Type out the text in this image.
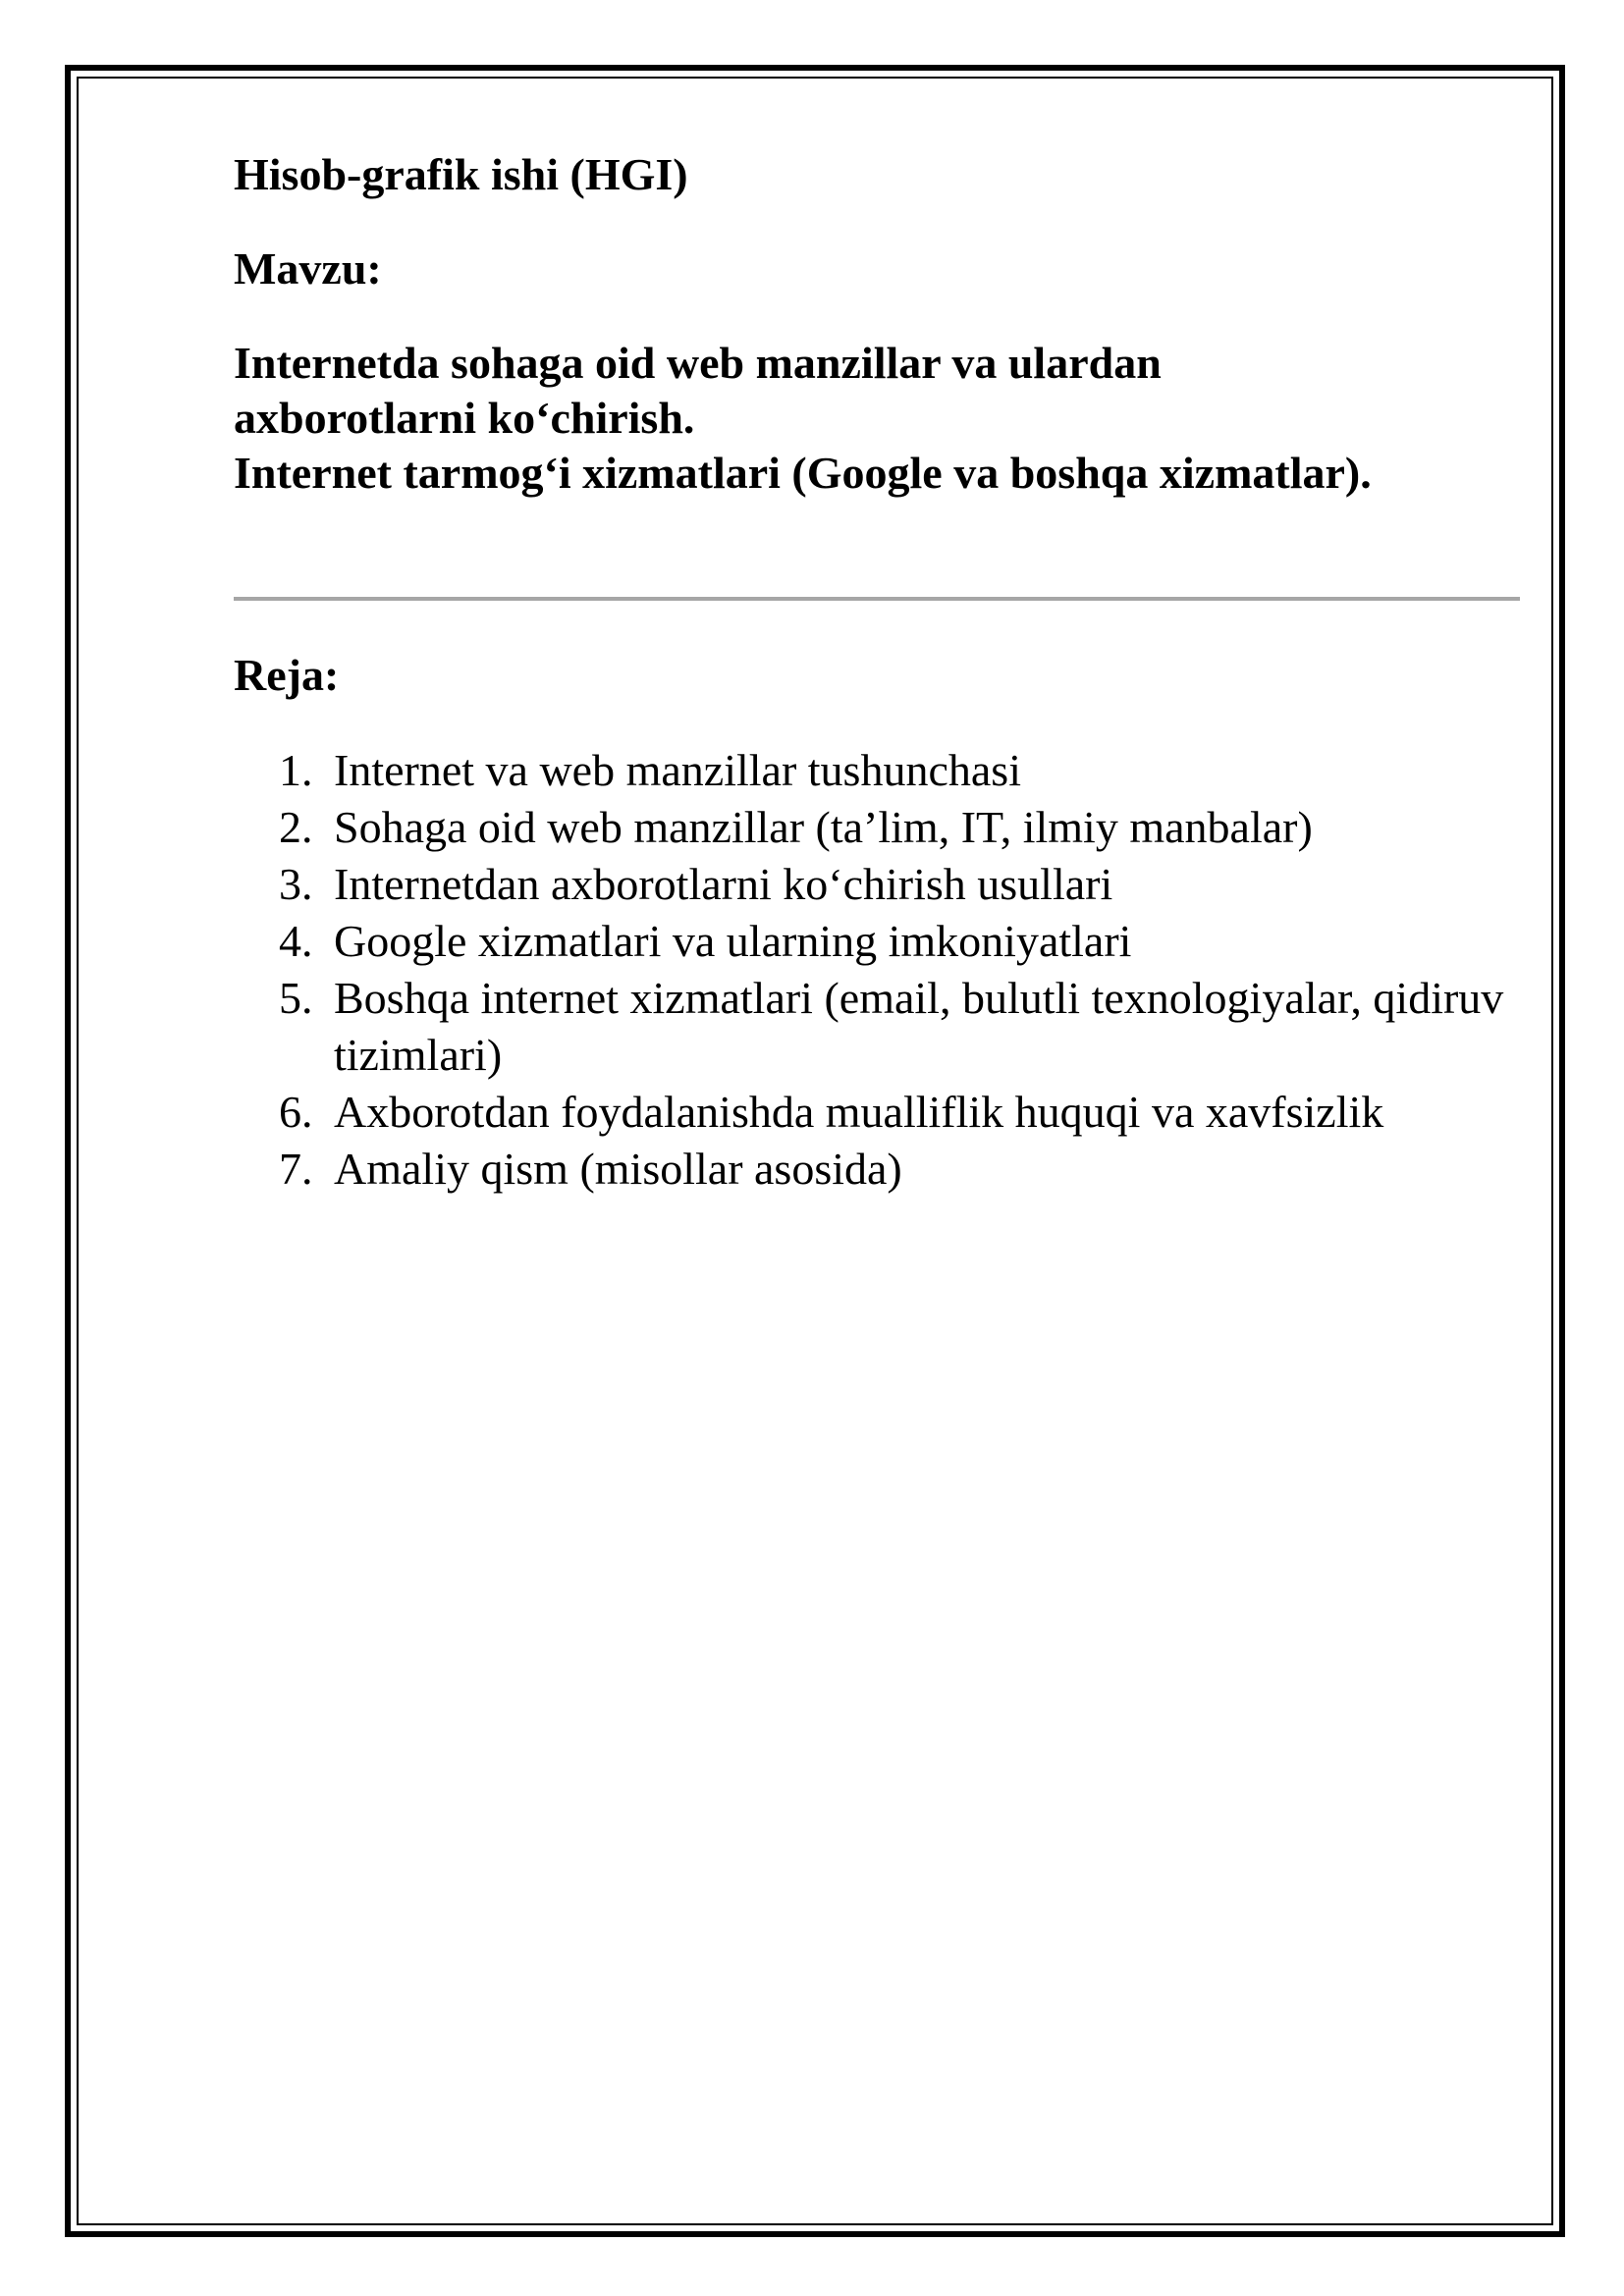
Hisob-grafik ishi (HGI)

Mavzu:

Internetda sohaga oid web manzillar va ulardan
axborotlarni ko‘chirish.
Internet tarmog‘i xizmatlari (Google va boshqa xizmatlar).

Reja:

1. Internet va web manzillar tushunchasi
2. Sohaga oid web manzillar (ta’lim, IT, ilmiy manbalar)
3. Internetdan axborotlarni ko‘chirish usullari
4. Google xizmatlari va ularning imkoniyatlari
5. Boshqa internet xizmatlari (email, bulutli texnologiyalar, qidiruv tizimlari)
6. Axborotdan foydalanishda mualliflik huquqi va xavfsizlik
7. Amaliy qism (misollar asosida)
